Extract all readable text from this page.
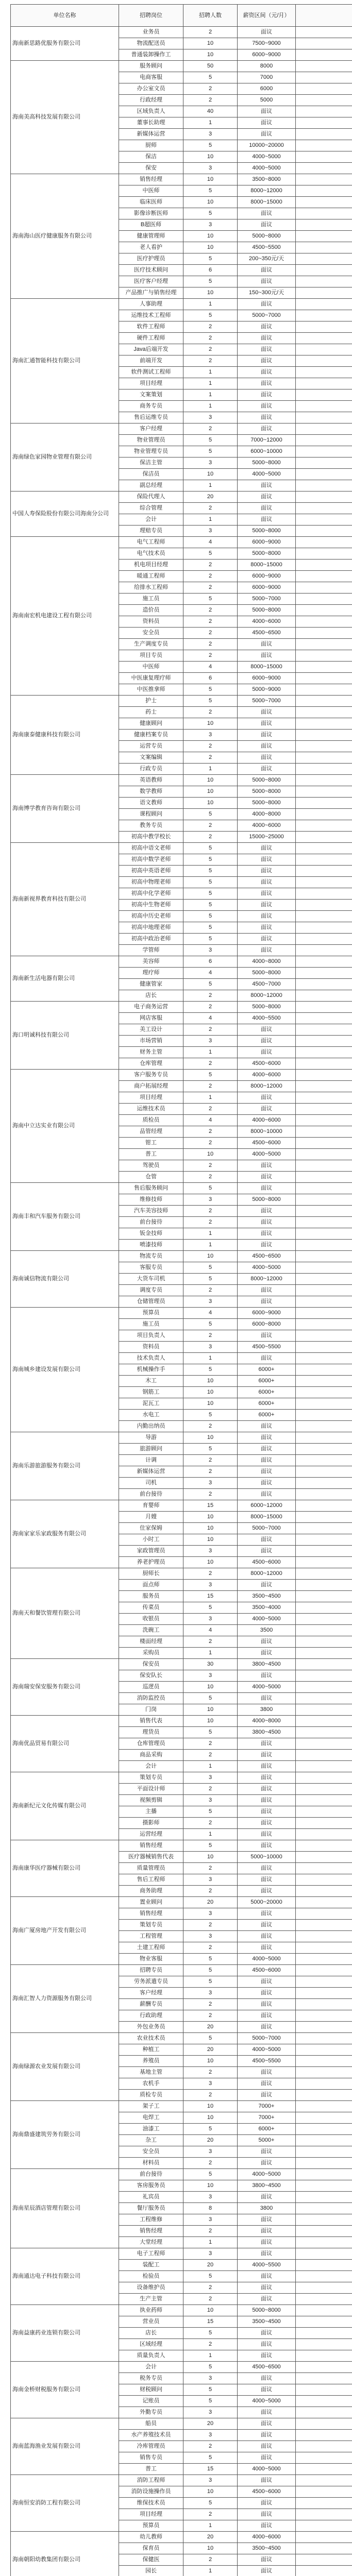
单位名称	招聘岗位	招聘人数	薪资区间（元/月）	
海南新思路优服务有限公司	业务员	2	面议	
	物流配送员	10	7500~9000	
	普通装卸操作工	10	6000~9000	
海南美高科技发展有限公司	服务顾问	50	8000	
	电商客服	5	7000	
	办公室文员	2	6000	
	行政经理	2	5000	
	区域负责人	40	面议	
	董事长助理	1	面议	
	新媒体运营	3	面议	
	厨师	5	10000~20000	
	保洁	10	4000~5000	
	保安	3	4000~5000	
海南海山医疗健康服务有限公司	销售经理	10	3500~8000	
	中医师	5	8000~12000	
	临床医师	10	8000~15000	
	影像诊断医师	5	面议	
	B超医师	3	面议	
	健康管理师	10	5000~8000	
	老人看护	10	4500~5500	
	医疗护理员	5	200~350元/天	
	医疗技术顾问	6	面议	
	医疗客户经理	5	面议	
	产品推广与销售经理	10	150~300元/天	
海南汇通智能科技有限公司	人事助理	1	面议	
	运维技术工程师	5	5000~7000	
	软件工程师	2	面议	
	硬件工程师	2	面议	
	Java后端开发	2	面议	
	前端开发	2	面议	
	软件测试工程师	1	面议	
	项目经理	1	面议	
	文案策划	1	面议	
	商务专员	1	面议	
	售后运维专员	3	面议	
海南绿色家园物业管理有限公司	客户经理	2	面议	
	物业管理员	5	7000~12000	
	物业管理专员	5	6000~10000	
	保洁主管	3	5000~8000	
	保洁员	10	4000~5000	
	副总经理	1	面议	
中国人寿保险股份有限公司海南分公司	保险代理人	20	面议	
	综合管理	2	面议	
	会计	1	面议	
	理赔专员	3	5000~8000	
海南南宏机电建设工程有限公司	电气工程师	4	6000~9000	
	电气技术员	5	5000~8000	
	机电项目经理	2	8000~15000	
	暖通工程师	2	6000~9000	
	给排水工程师	2	6000~9000	
	施工员	5	5000~7000	
	造价员	2	5000~8000	
	资料员	2	4000~6000	
	安全员	2	4500~6500	
	生产调度专员	2	面议	
	项目专员	2	面议	
	中医师	4	8000~15000	
	中医康复理疗师	6	6000~9000	
	中医推拿师	5	5000~9000	
海南康泰健康科技有限公司	护士	5	5000~7000	
	药士	2	面议	
	健康顾问	10	面议	
	健康档案专员	3	面议	
	运营专员	2	面议	
	文案编辑	2	面议	
	行政专员	1	面议	
海南博学教育咨询有限公司	英语教师	10	5000~8000	
	数学教师	10	5000~8000	
	语文教师	10	5000~8000	
	课程顾问	5	4000~8000	
	教务专员	2	4000~6000	
	初高中教学校长	2	15000~25000	
海南新视界教育科技有限公司	初高中语文老师	5	面议	
	初高中数学老师	5	面议	
	初高中英语老师	5	面议	
	初高中物理老师	5	面议	
	初高中化学老师	5	面议	
	初高中生物老师	5	面议	
	初高中历史老师	5	面议	
	初高中地理老师	5	面议	
	初高中政治老师	5	面议	
	学管师	3	面议	
海南新生活电器有限公司	美容师	6	4000~8000	
	理疗师	4	5000~8000	
	健康管家	5	4500~7000	
	店长	2	8000~12000	
海口明诚科技有限公司	电子商务运营	2	5000~8000	
	网店客服	4	4000~5500	
	美工设计	2	面议	
	市场营销	3	面议	
	财务主管	1	面议	
	仓库管理	2	4500~6000	
海南中立达实业有限公司	客户服务专员	5	4000~6000	
	商户拓展经理	2	8000~12000	
	项目经理	1	面议	
	运维技术员	2	面议	
	质检员	4	4000~6000	
	品管经理	2	8000~10000	
	钳工	2	4500~6000	
	普工	10	4000~5000	
	驾驶员	2	面议	
	仓管	2	面议	
海南丰和汽车服务有限公司	售后服务顾问	5	面议	
	维修技师	3	5000~8000	
	汽车美容技师	2	面议	
	前台接待	2	面议	
	钣金技师	1	面议	
	喷漆技师	1	面议	
海南诚信物流有限公司	物流专员	10	4500~6500	
	客服专员	5	4000~5000	
	大货车司机	5	8000~12000	
	调度专员	2	面议	
	仓储管理员	3	面议	
海南城乡建设发展有限公司	预算员	4	6000~9000	
	施工员	5	6000~8000	
	项目负责人	2	面议	
	资料员	3	4500~5500	
	技术负责人	1	面议	
	机械操作手	5	6000+	
	木工	10	6000+	
	钢筋工	10	6000+	
	泥瓦工	10	6000+	
	水电工	5	6000+	
	内勤出纳员	2	面议	
海南乐游旅游服务有限公司	导游	10	面议	
	旅游顾问	5	面议	
	计调	2	面议	
	新媒体运营	2	面议	
	司机	3	面议	
	前台接待	2	面议	
海南家家乐家政服务有限公司	育婴师	15	6000~12000	
	月嫂	10	8000~15000	
	住家保姆	10	5000~7000	
	小时工	10	面议	
	家政管理员	3	面议	
	养老护理员	10	4500~6000	
海南天和餐饮管理有限公司	厨师长	2	8000~12000	
	面点师	3	面议	
	服务员	15	3500~4500	
	传菜员	5	3500~4000	
	收银员	3	4000~5000	
	洗碗工	4	3500	
	楼面经理	2	面议	
	采购员	1	面议	
海南瑞安保安服务有限公司	保安员	30	3800~4500	
	保安队长	3	面议	
	巡逻员	10	4000~5000	
	消防监控员	5	面议	
	门岗	10	3800	
海南优品贸易有限公司	销售代表	10	4000~8000	
	理货员	5	3800~4500	
	仓库管理员	2	面议	
	商品采购	2	面议	
	会计	1	面议	
海南新纪元文化传媒有限公司	策划专员	3	面议	
	平面设计师	2	面议	
	视频剪辑	3	面议	
	主播	5	面议	
	摄影师	2	面议	
	运营经理	1	面议	
海南康华医疗器械有限公司	销售经理	5	面议	
	医疗器械销售代表	10	5000~10000	
	质量管理员	2	面议	
	售后工程师	3	面议	
	商务助理	2	面议	
海南广厦房地产开发有限公司	置业顾问	20	5000~20000	
	销售经理	3	面议	
	策划专员	2	面议	
	工程管理	3	面议	
	土建工程师	2	面议	
	物业客服	5	4000~5000	
海南汇智人力资源服务有限公司	招聘专员	5	4500~6000	
	劳务派遣专员	5	面议	
	客户经理	3	面议	
	薪酬专员	2	面议	
	行政助理	2	面议	
	外包业务员	20	面议	
海南绿源农业发展有限公司	农业技术员	5	5000~7000	
	种植工	20	4000~5000	
	养殖员	10	4500~5500	
	基地主管	2	面议	
	农机手	3	面议	
	质检专员	2	面议	
海南鼎盛建筑劳务有限公司	架子工	10	7000+	
	电焊工	10	7000+	
	油漆工	5	6000+	
	杂工	20	5000+	
	安全员	3	面议	
	材料员	2	面议	
海南星辰酒店管理有限公司	前台接待	5	4000~5000	
	客房服务员	10	3800~4500	
	礼宾员	3	面议	
	餐厅服务员	8	3800	
	工程维修	3	面议	
	销售经理	2	面议	
	大堂经理	1	面议	
海南通达电子科技有限公司	电子工程师	3	面议	
	装配工	20	4000~5500	
	检验员	5	面议	
	设备维护员	2	面议	
	生产主管	2	面议	
海南益康药业连锁有限公司	执业药师	10	5000~8000	
	营业员	15	3500~4500	
	店长	5	面议	
	区域经理	2	面议	
	质量负责人	1	面议	
海南金桥财税服务有限公司	会计	5	4500~6500	
	税务专员	3	面议	
	财税顾问	5	面议	
	记账员	5	4000~5000	
	外勤专员	3	面议	
海南蓝海渔业发展有限公司	船员	20	面议	
	水产养殖技术员	3	面议	
	冷库管理员	2	面议	
	销售专员	5	面议	
	普工	15	4000~5000	
海南恒安消防工程有限公司	消防工程师	3	面议	
	消防设施操作员	10	4500~6000	
	维保技术员	5	面议	
	项目经理	2	面议	
	预算员	1	面议	
海南朝阳幼教集团有限公司	幼儿教师	20	4000~6000	
	保育员	10	3500~4500	
	保健医	2	面议	
	园长	1	面议	
